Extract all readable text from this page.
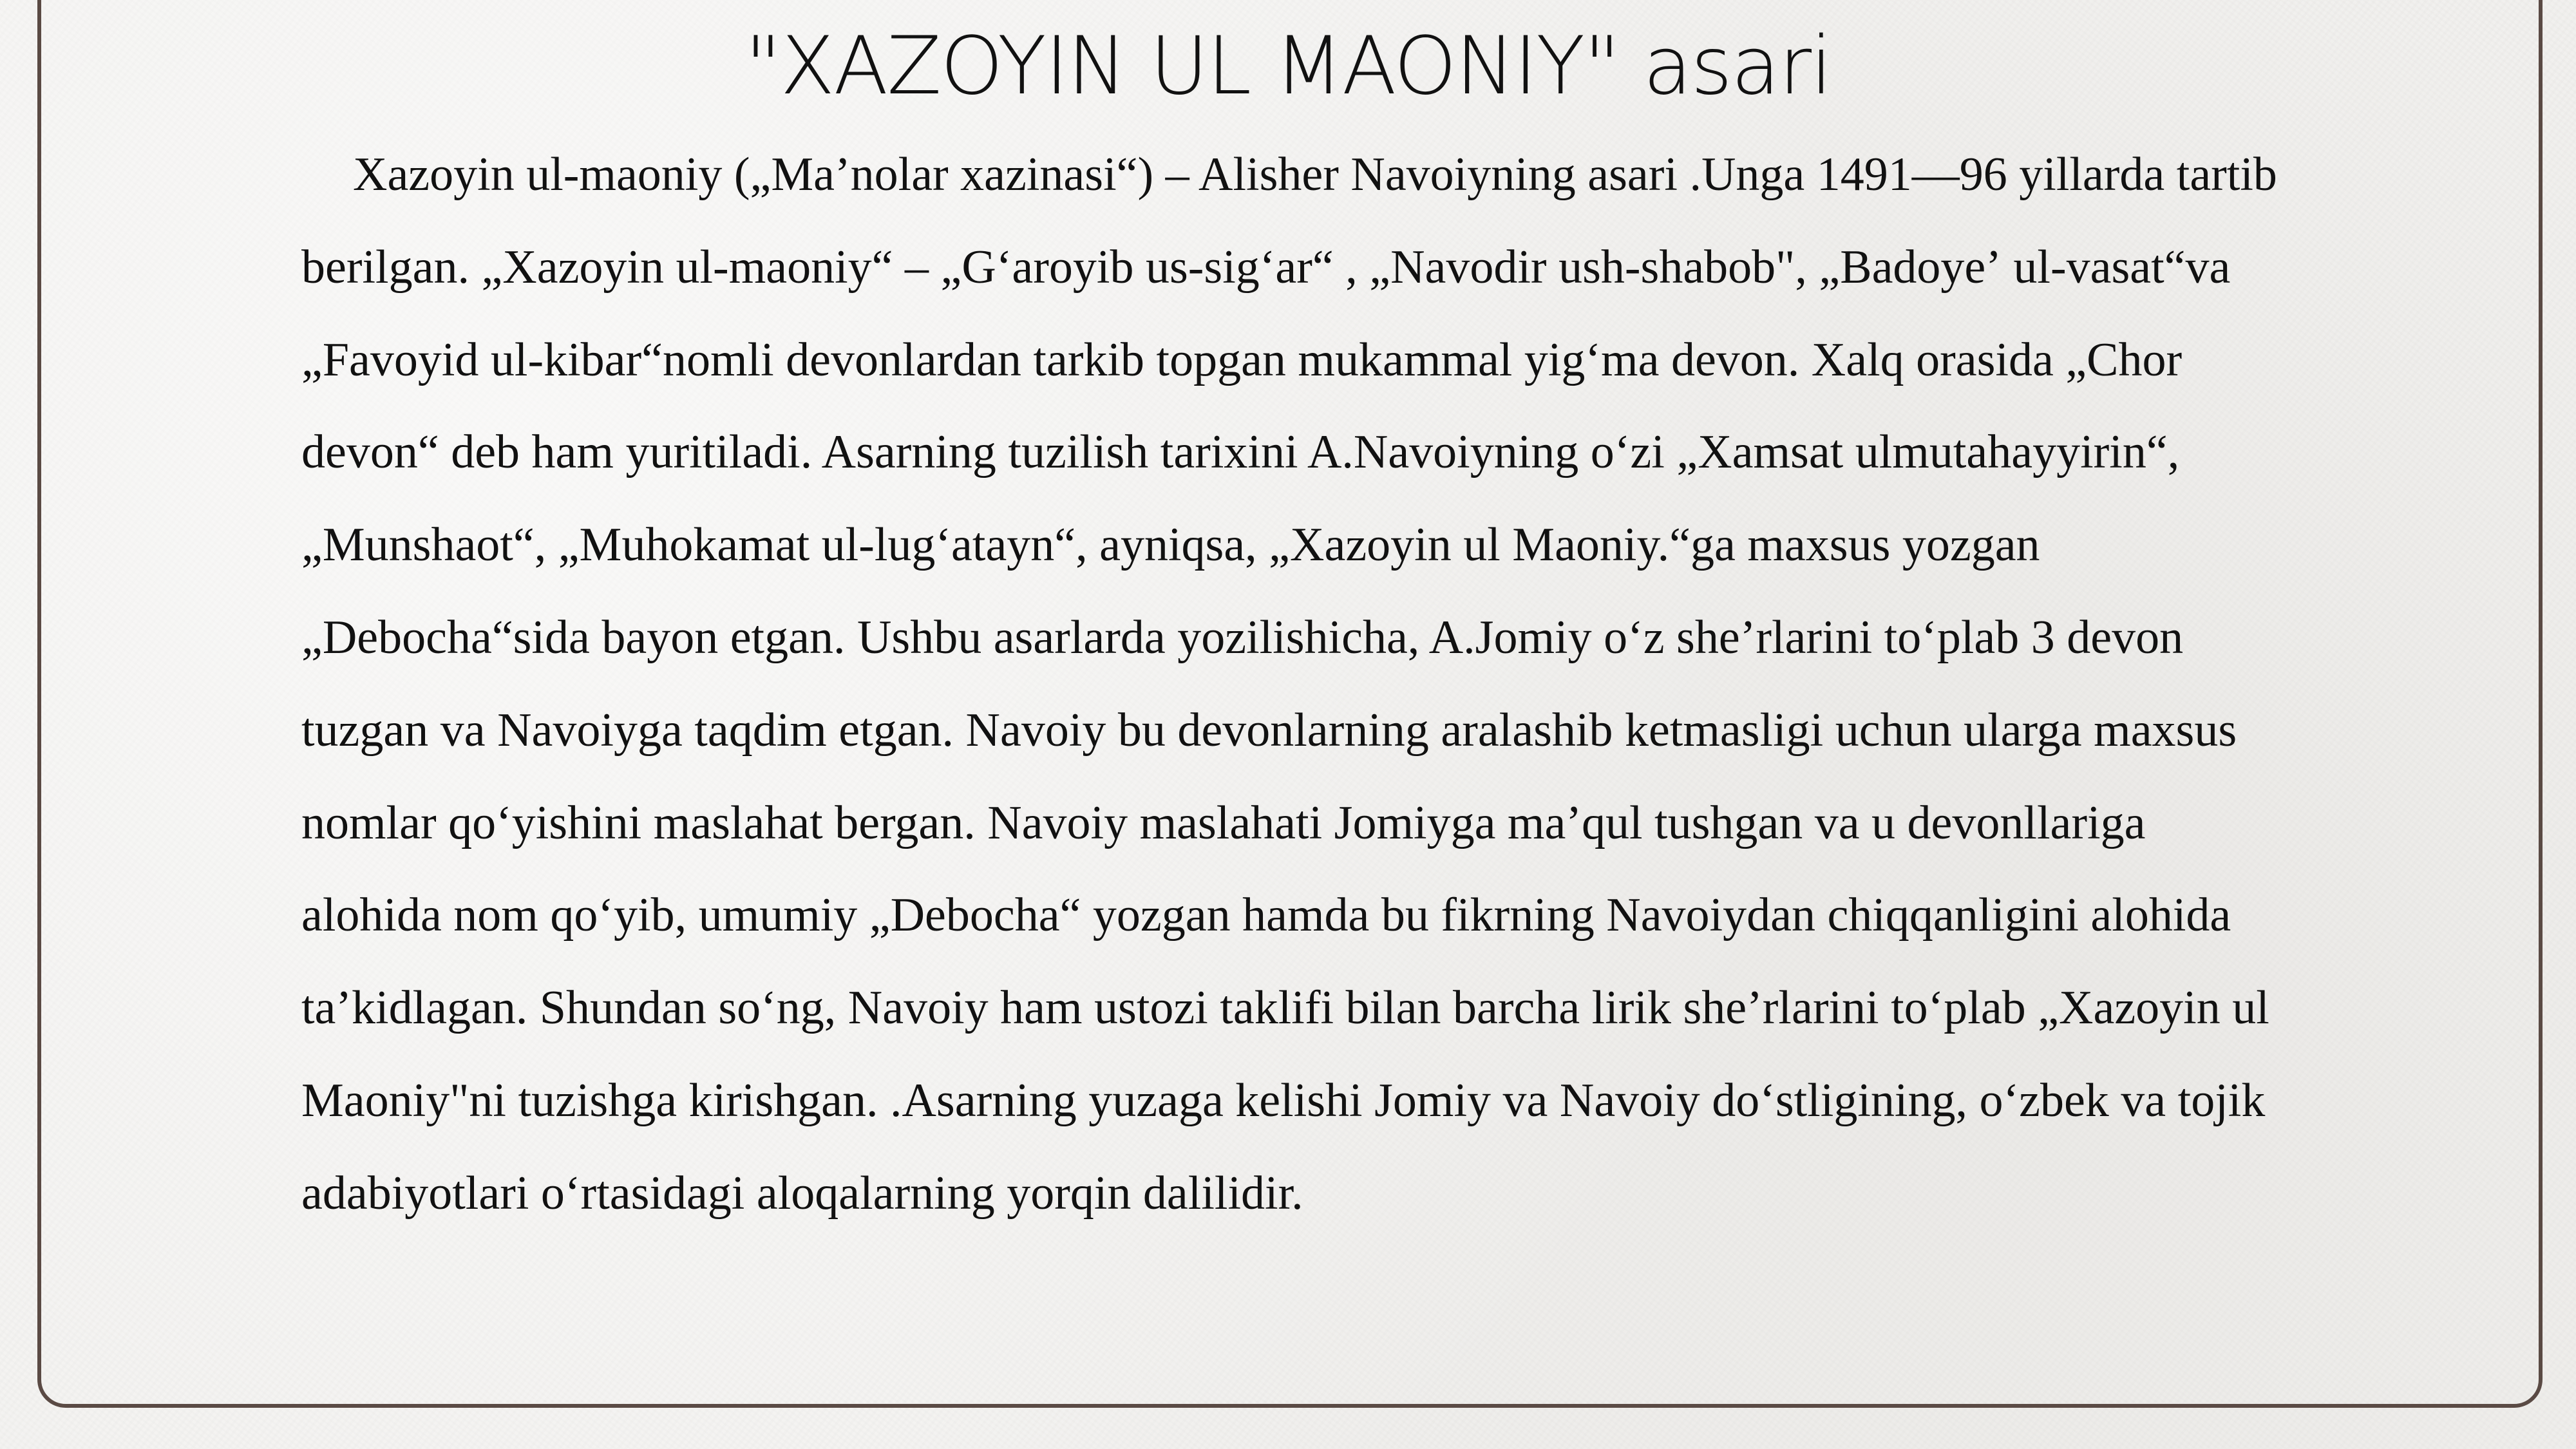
"XAZOYIN UL MAONIY" asari

Xazoyin ul-maoniy („Maʼnolar xazinasi“) – Alisher Navoiyning asari .Unga 1491—96 yillarda tartib berilgan. „Xazoyin ul-maoniy“ – „Gʻaroyib us-sigʻar“ , „Navodir ush-shabob", „Badoyeʼ ul-vasat“va „Favoyid ul-kibar“nomli devonlardan tarkib topgan mukammal yigʻma devon. Xalq orasida „Chor devon“ deb ham yuritiladi. Asarning tuzilish tarixini A.Navoiyning oʻzi „Xamsat ulmutahayyirin“, „Munshaot“, „Muhokamat ul-lugʻatayn“, ayniqsa, „Xazoyin ul Maoniy.“ga maxsus yozgan „Debocha“sida bayon etgan. Ushbu asarlarda yozilishicha, A.Jomiy oʻz sheʼrlarini toʻplab 3 devon tuzgan va Navoiyga taqdim etgan. Navoiy bu devonlarning aralashib ketmasligi uchun ularga maxsus nomlar qoʻyishini maslahat bergan. Navoiy maslahati Jomiyga maʼqul tushgan va u devonllariga alohida nom qoʻyib, umumiy „Debocha“ yozgan hamda bu fikrning Navoiydan chiqqanligini alohida taʼkidlagan. Shundan soʻng, Navoiy ham ustozi taklifi bilan barcha lirik sheʼrlarini toʻplab „Xazoyin ul Maoniy"ni tuzishga kirishgan. .Asarning yuzaga kelishi Jomiy va Navoiy doʻstligining, oʻzbek va tojik adabiyotlari oʻrtasidagi aloqalarning yorqin dalilidir.
